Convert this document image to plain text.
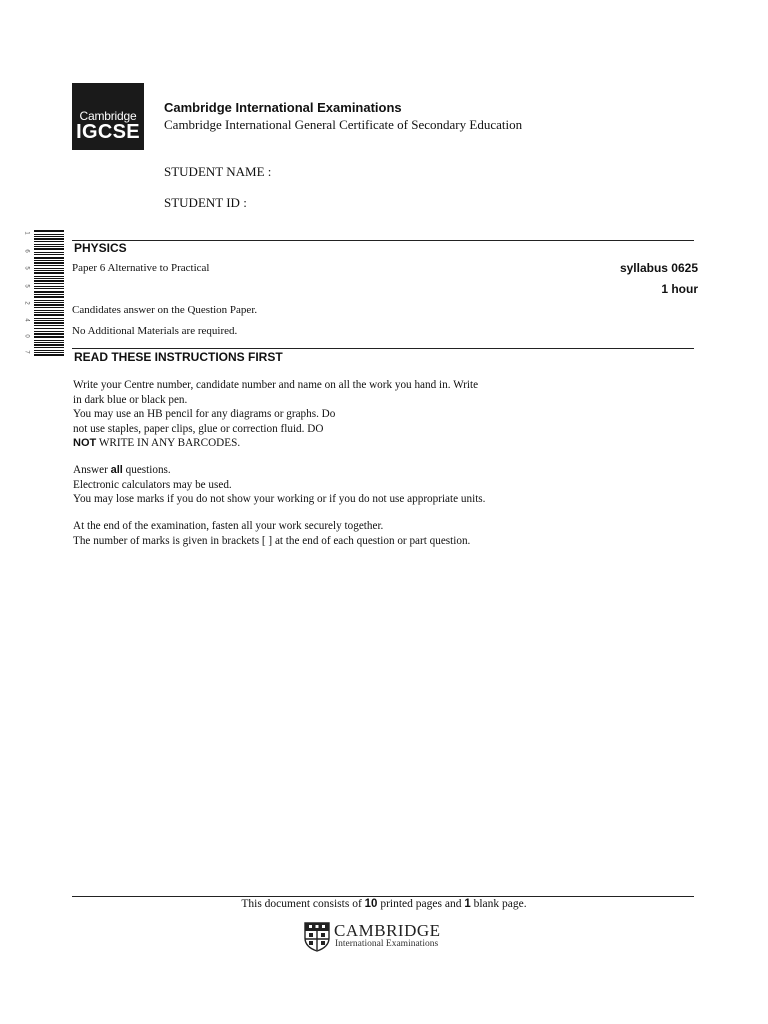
Cambridge
IGCSE
Cambridge International Examinations
Cambridge International General Certificate of Secondary Education
STUDENT NAME :
STUDENT ID :
1
6
5
5
2
4
0
7
PHYSICS
Paper 6 Alternative to Practical	syllabus 0625
1 hour
Candidates answer on the Question Paper.
No Additional Materials are required.
READ THESE INSTRUCTIONS FIRST
Write your Centre number, candidate number and name on all the work you hand in. Write
in dark blue or black pen.
You may use an HB pencil for any diagrams or graphs. Do
not use staples, paper clips, glue or correction fluid. DO
NOT WRITE IN ANY BARCODES.
Answer all questions.
Electronic calculators may be used.
You may lose marks if you do not show your working or if you do not use appropriate units.
At the end of the examination, fasten all your work securely together.
The number of marks is given in brackets [ ] at the end of each question or part question.
This document consists of 10 printed pages and 1 blank page.
CAMBRIDGE
International Examinations
